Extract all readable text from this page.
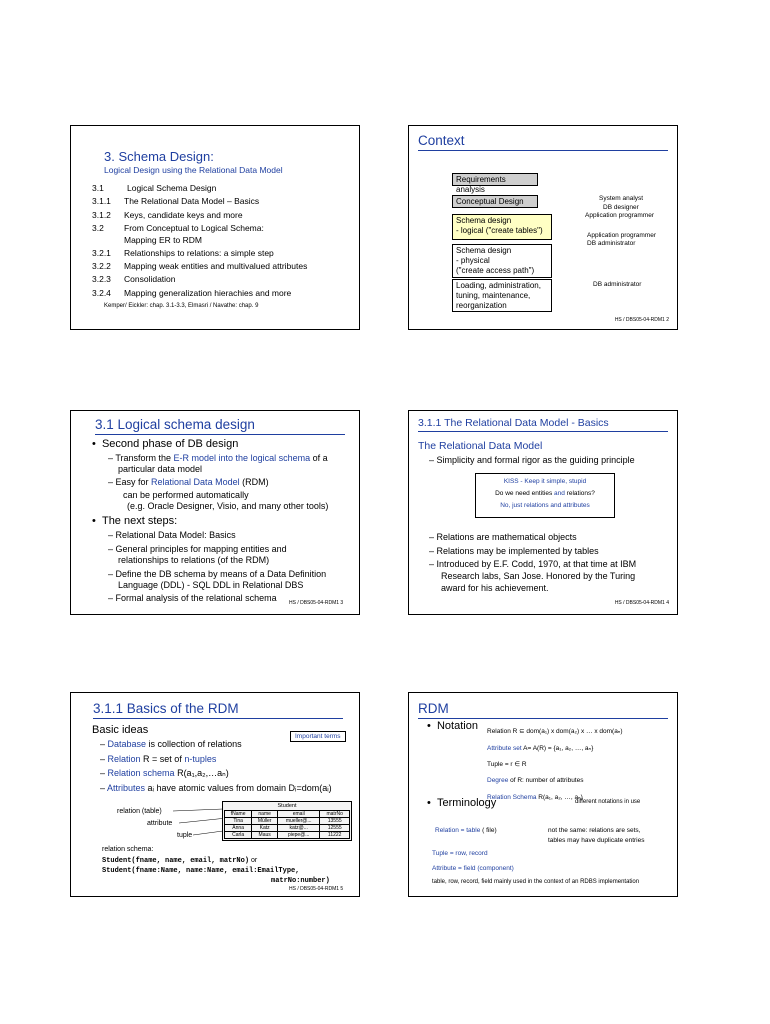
3. Schema Design:
Logical Design using the Relational Data Model
3.1	Logical Schema Design
3.1.1 The Relational Data Model – Basics
3.1.2 Keys, candidate keys and more
3.2 From Conceptual to Logical Schema:
Mapping ER to RDM
3.2.1 Relationships to relations: a simple step
3.2.2 Mapping weak entities and multivalued attributes
3.2.3 Consolidation
3.2.4 Mapping generalization hierachies and more
Kemper/ Eickler: chap. 3.1-3.3, Elmasri / Navathe: chap. 9
Context
Requirements analysis
Conceptual Design
Schema design
- logical ("create tables")
Schema design
- physical
("create access path")
Loading, administration,
tuning, maintenance,
reorganization
System analyst
DB designer
Application programmer
Application programmer
DB administrator
DB administrator
HS / DBS05-04-RDM1 2
3.1 Logical schema design
•  Second phase of DB design
– Transform the E-R model into the logical schema of a
particular data model
– Easy for Relational Data Model (RDM)
can be performed automatically
(e.g. Oracle Designer, Visio, and many other tools)
•  The next steps:
– Relational Data Model: Basics
– General principles for mapping entities and
relationships to relations (of the RDM)
– Define the DB schema by means of a Data Definition
Language (DDL) - SQL DDL in Relational DBS
– Formal analysis of the relational schema HS / DBS05-04-RDM1 3
3.1.1 The Relational Data Model - Basics
The Relational Data Model
– Simplicity and formal rigor as the guiding principle
KISS - Keep it simple, stupid
Do we need entities and relations?
No, just relations and attributes
– Relations are mathematical objects
– Relations may be implemented by tables
– Introduced by E.F. Codd, 1970, at that time at IBM
Research labs, San Jose. Honored by the Turing
award for his achievement.
HS / DBS05-04-RDM1 4
3.1.1 Basics of the RDM
Basic ideas
Important terms
– Database is collection of relations
– Relation R = set of n-tuples
– Relation schema R(a₁,a₂,…aₙ)
– Attributes aᵢ have atomic values from domain Dᵢ=dom(aᵢ)
relation (table)
attribute
tuple
Student
fName	name	email	matrNo
Tina	Müller	mueller@...	13555
Anna	Katz	katz@...	12555
Carla	Maus	piepe@...	11222
relation schema:
Student(fname, name, email, matrNo) or
Student(fname:Name, name:Name, email:EmailType,
matrNo:number)
HS / DBS05-04-RDM1 5
RDM
•  Notation Relation R ⊆ dom(a₁) x dom(a₂) x … x dom(aₙ)
Attribute set A= A(R) = {a₁, a₂, …, aₙ}
Tuple = r ∈ R
Degree of R: number of attributes
Relation Schema R(a₁, a₂, …, aₙ)
different notations in use
•  Terminology
Relation = table ( file)	not the same: relations are sets,
tables may have duplicate entries
Tuple = row, record
Attribute = field (component)
table, row, record, field mainly used in the context of an RDBS implementation
